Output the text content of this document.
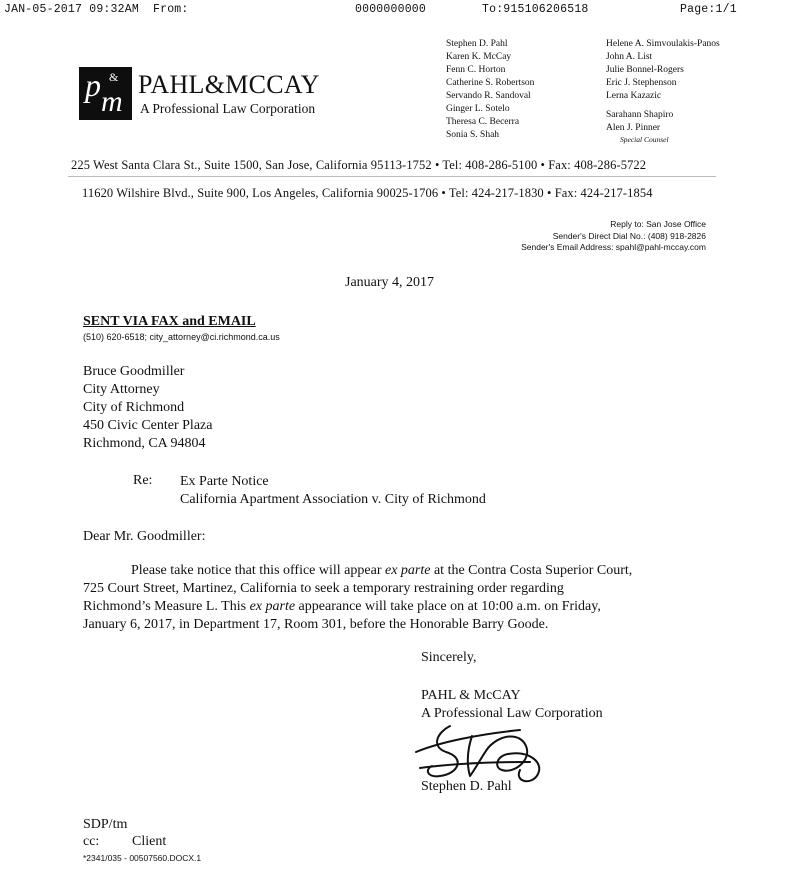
JAN-05-2017 09:32AM From:	0000000000	To:915106206518	Page:1/1
p &
m
PAHL&MCCAY
A Professional Law Corporation
Stephen D. Pahl
Karen K. McCay
Fenn C. Horton
Catherine S. Robertson
Servando R. Sandoval
Ginger L. Sotelo
Theresa C. Becerra
Sonia S. Shah
Helene A. Simvoulakis-Panos
John A. List
Julie Bonnel-Rogers
Eric J. Stephenson
Lerna Kazazic
Sarahann Shapiro
Alen J. Pinner
Special Counsel
225 West Santa Clara St., Suite 1500, San Jose, California 95113-1752 • Tel: 408-286-5100 • Fax: 408-286-5722
11620 Wilshire Blvd., Suite 900, Los Angeles, California 90025-1706 • Tel: 424-217-1830 • Fax: 424-217-1854
Reply to: San Jose Office
Sender's Direct Dial No.: (408) 918-2826
Sender's Email Address: spahl@pahl-mccay.com
January 4, 2017
SENT VIA FAX and EMAIL
(510) 620-6518; city_attorney@ci.richmond.ca.us
Bruce Goodmiller
City Attorney
City of Richmond
450 Civic Center Plaza
Richmond, CA 94804
Re: Ex Parte Notice
California Apartment Association v. City of Richmond
Dear Mr. Goodmiller:
Please take notice that this office will appear ex parte at the Contra Costa Superior Court,
725 Court Street, Martinez, California to seek a temporary restraining order regarding
Richmond’s Measure L. This ex parte appearance will take place on at 10:00 a.m. on Friday,
January 6, 2017, in Department 17, Room 301, before the Honorable Barry Goode.
Sincerely,
PAHL & McCAY
A Professional Law Corporation
Stephen D. Pahl
SDP/tm
cc: Client
*2341/035 - 00507560.DOCX.1
